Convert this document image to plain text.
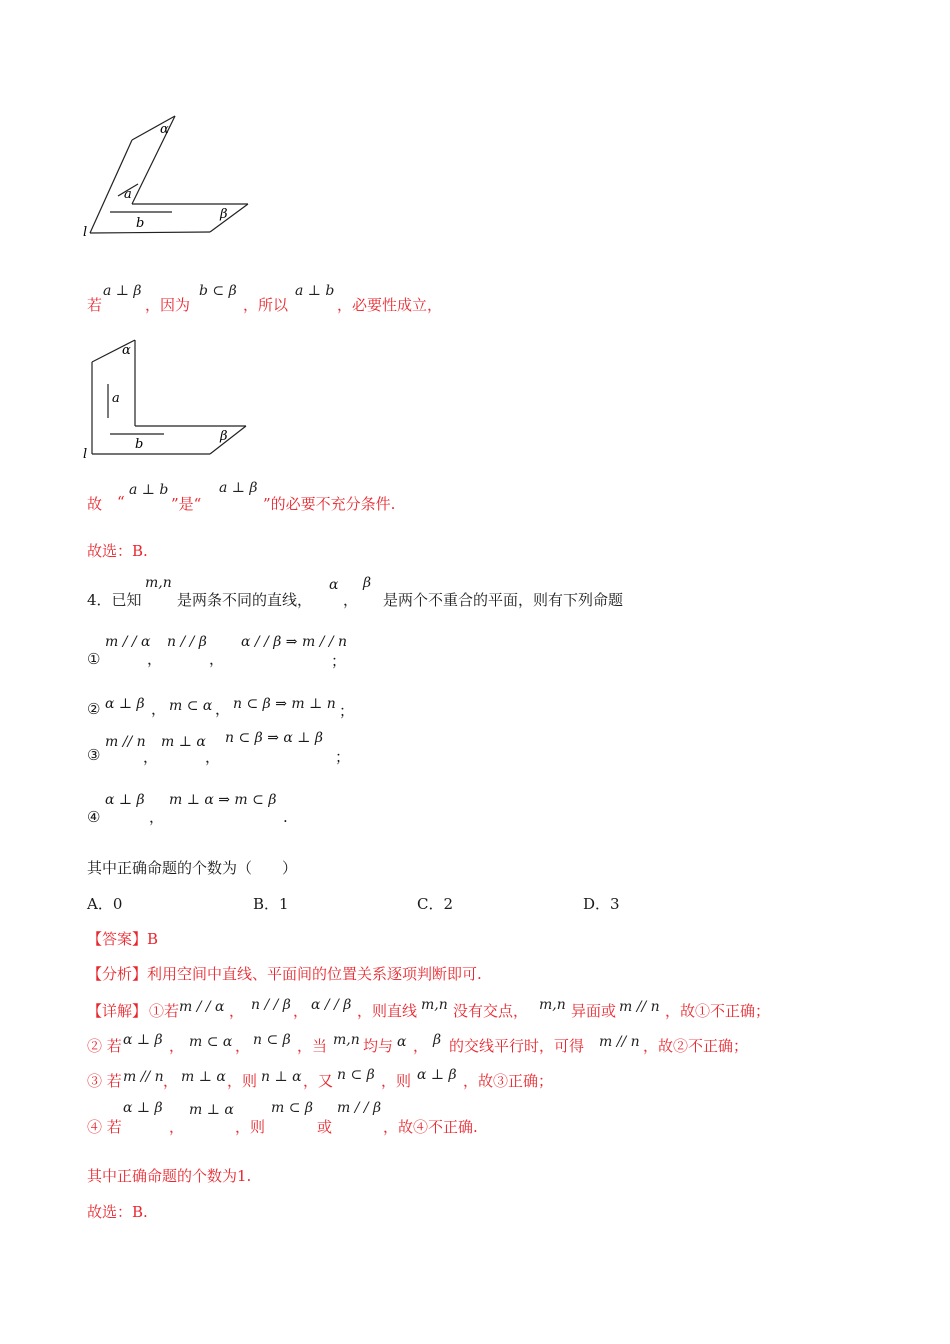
α
a
b
β
l
若
a ⊥ β
，因为
b ⊂ β
，所以
a ⊥ b
，必要性成立，
α
a
b
β
l
故 “
a ⊥ b
”是“
a ⊥ β
”的必要不充分条件.
故选：B.
4．已知
m,n
是两条不同的直线，
α
，
β
是两个不重合的平面，则有下列命题
①
m / / α
，
n / / β
，
α / / β ⇒ m / / n
；
② α ⊥ β ， m ⊂ α ， n ⊂ β ⇒ m ⊥ n ；
③
m // n
，
m ⊥ α
，
n ⊂ β ⇒ α ⊥ β
；
④
α ⊥ β
，
m ⊥ α ⇒ m ⊂ β
.
其中正确命题的个数为（　　）
A．0	B．1	C．2	D．3
【答案】B
【分析】利用空间中直线、平面间的位置关系逐项判断即可.
【详解】 ①若 m / / α ， n / / β ， α / / β ，则直线 m,n 没有交点， m,n 异面或 m // n ，故①不正确；
② 若 α ⊥ β ， m ⊂ α ， n ⊂ β ，当 m,n 均与 α ， β 的交线平行时，可得 m // n ，故②不正确；
③ 若 m // n ， m ⊥ α ，则 n ⊥ α ，又 n ⊂ β ，则 α ⊥ β ，故③正确；
④ 若
α ⊥ β
，
m ⊥ α
，则
m ⊂ β
或
m / / β
，故④不正确.
其中正确命题的个数为1.
故选：B.
